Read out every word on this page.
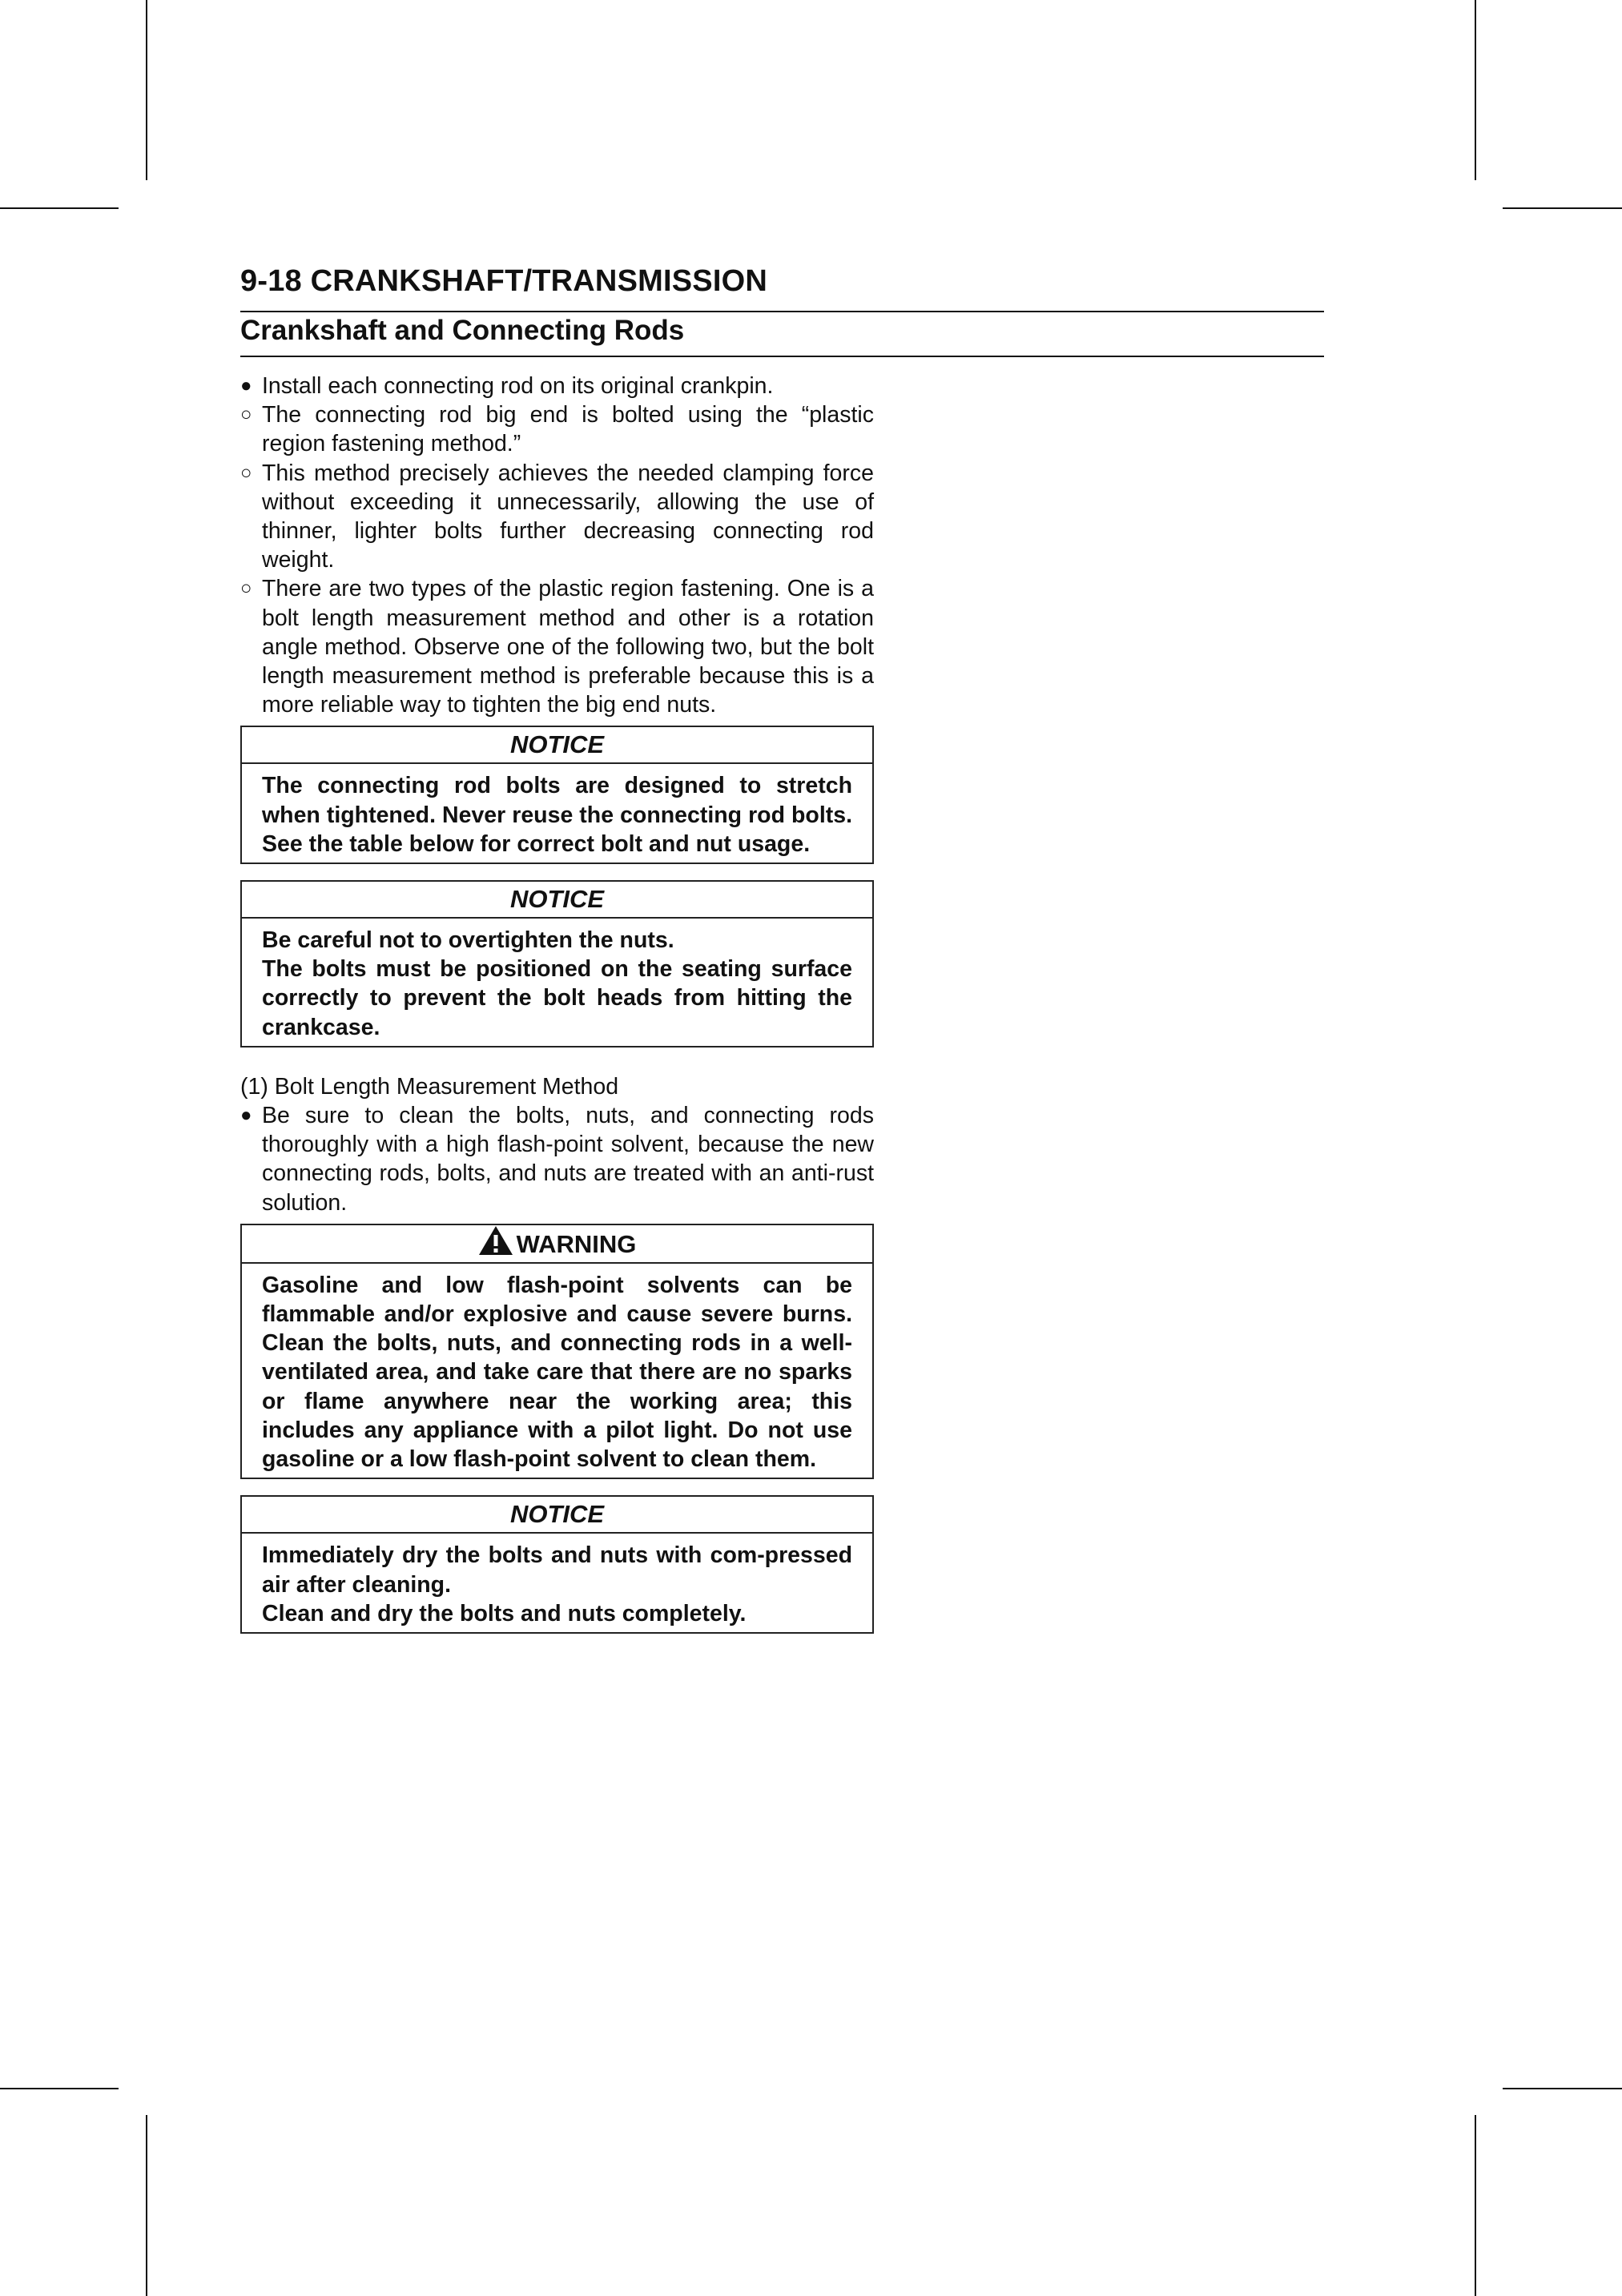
9-18 CRANKSHAFT/TRANSMISSION
Crankshaft and Connecting Rods
● Install each connecting rod on its original crankpin.
○ The connecting rod big end is bolted using the “plastic region fastening method.”
○ This method precisely achieves the needed clamping force without exceeding it unnecessarily, allowing the use of thinner, lighter bolts further decreasing connecting rod weight.
○ There are two types of the plastic region fastening. One is a bolt length measurement method and other is a rotation angle method. Observe one of the following two, but the bolt length measurement method is preferable because this is a more reliable way to tighten the big end nuts.
NOTICE

The connecting rod bolts are designed to stretch when tightened. Never reuse the connecting rod bolts. See the table below for correct bolt and nut usage.

NOTICE

Be careful not to overtighten the nuts.

The bolts must be positioned on the seating surface correctly to prevent the bolt heads from hitting the crankcase.

(1) Bolt Length Measurement Method
● Be sure to clean the bolts, nuts, and connecting rods thoroughly with a high flash-point solvent, because the new connecting rods, bolts, and nuts are treated with an anti-rust solution.
WARNING

Gasoline and low flash-point solvents can be flammable and/or explosive and cause severe burns. Clean the bolts, nuts, and connecting rods in a well-ventilated area, and take care that there are no sparks or flame anywhere near the working area; this includes any appliance with a pilot light. Do not use gasoline or a low flash-point solvent to clean them.

NOTICE

Immediately dry the bolts and nuts with com-pressed air after cleaning.

Clean and dry the bolts and nuts completely.
